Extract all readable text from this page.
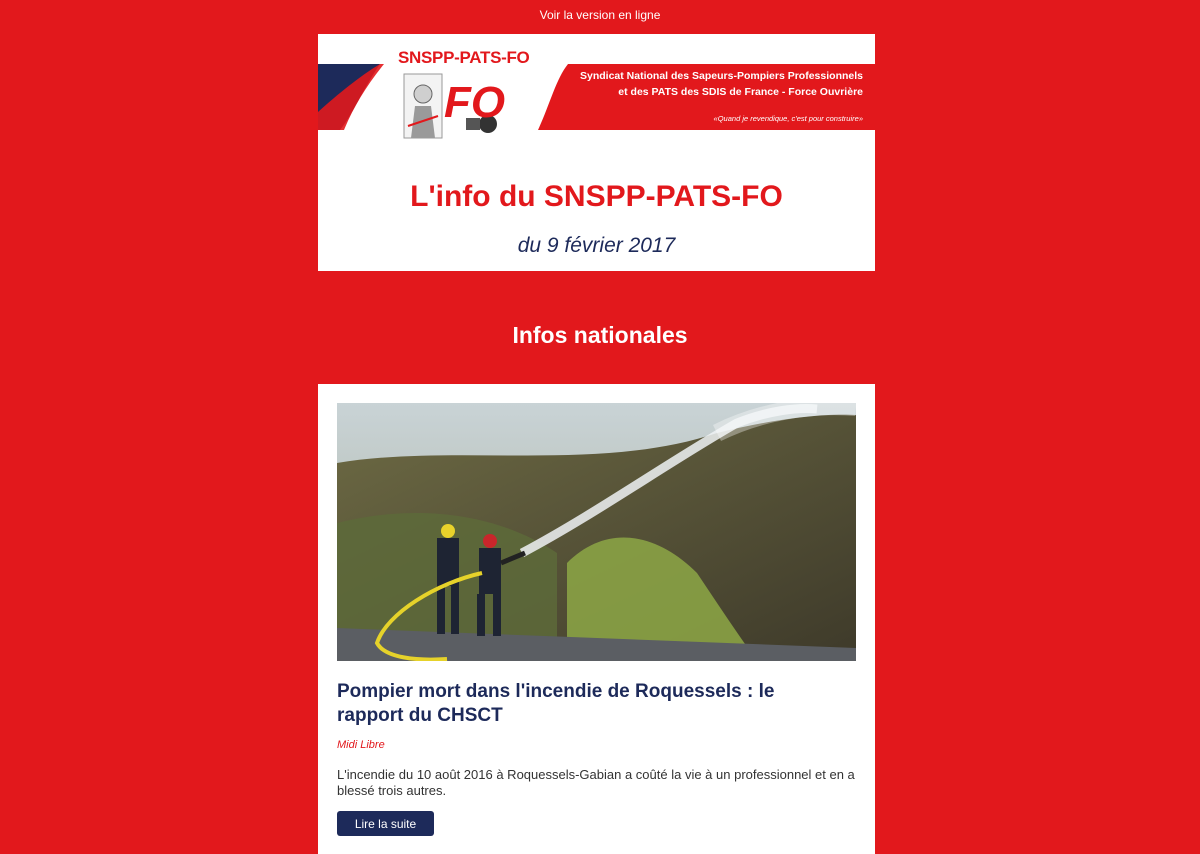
Voir la version en ligne
SNSPP-PATS-FO
FO
Syndicat National des Sapeurs-Pompiers Professionnels
et des PATS des SDIS de France - Force Ouvrière
«Quand je revendique, c'est pour construire»
L'info du SNSPP-PATS-FO
du 9 février 2017
Infos nationales
Pompier mort dans l'incendie de Roquessels : le rapport du CHSCT
Midi Libre
L'incendie du 10 août 2016 à Roquessels-Gabian a coûté la vie à un professionnel et en a blessé trois autres.
Lire la suite
